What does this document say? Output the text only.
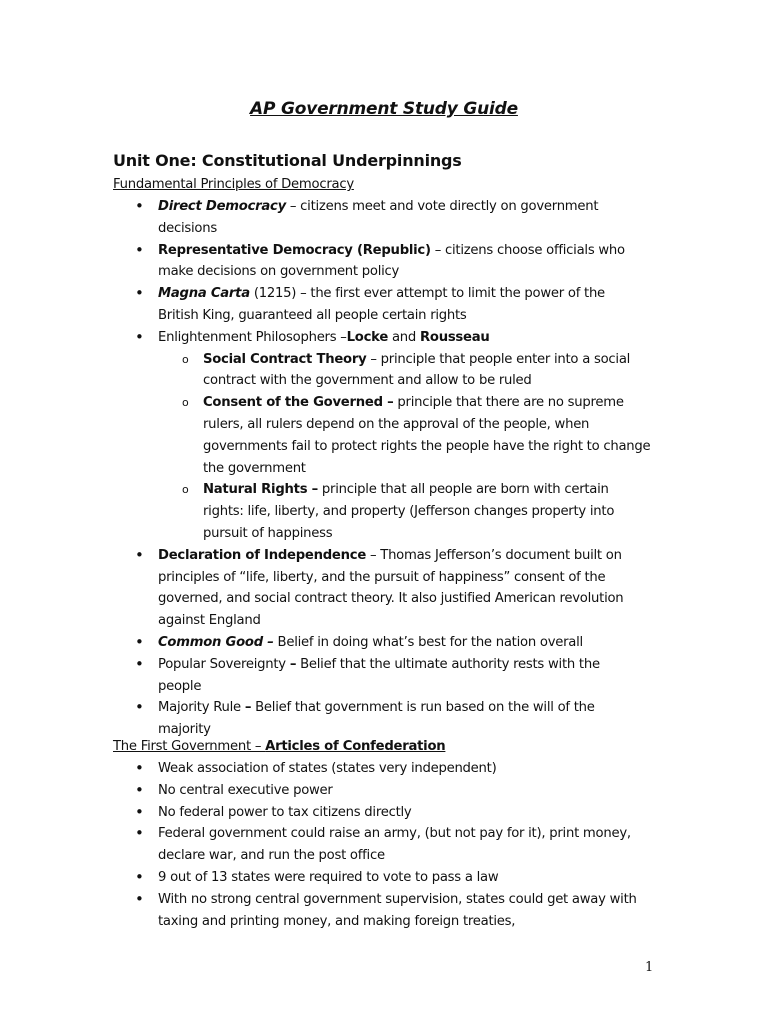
AP Government Study Guide
Unit One: Constitutional Underpinnings
Fundamental Principles of Democracy
• Direct Democracy – citizens meet and vote directly on government decisions
• Representative Democracy (Republic) – citizens choose officials who make decisions on government policy
• Magna Carta (1215) – the first ever attempt to limit the power of the British King, guaranteed all people certain rights
• Enlightenment Philosophers –Locke and Rousseau
o Social Contract Theory – principle that people enter into a social contract with the government and allow to be ruled
o Consent of the Governed – principle that there are no supreme rulers, all rulers depend on the approval of the people, when governments fail to protect rights the people have the right to change the government
o Natural Rights – principle that all people are born with certain rights: life, liberty, and property (Jefferson changes property into pursuit of happiness
• Declaration of Independence – Thomas Jefferson’s document built on principles of “life, liberty, and the pursuit of happiness” consent of the governed, and social contract theory. It also justified American revolution against England
• Common Good – Belief in doing what’s best for the nation overall
• Popular Sovereignty – Belief that the ultimate authority rests with the people
• Majority Rule – Belief that government is run based on the will of the majority
The First Government – Articles of Confederation
• Weak association of states (states very independent)
• No central executive power
• No federal power to tax citizens directly
• Federal government could raise an army, (but not pay for it), print money, declare war, and run the post office
• 9 out of 13 states were required to vote to pass a law
• With no strong central government supervision, states could get away with taxing and printing money, and making foreign treaties,
1
